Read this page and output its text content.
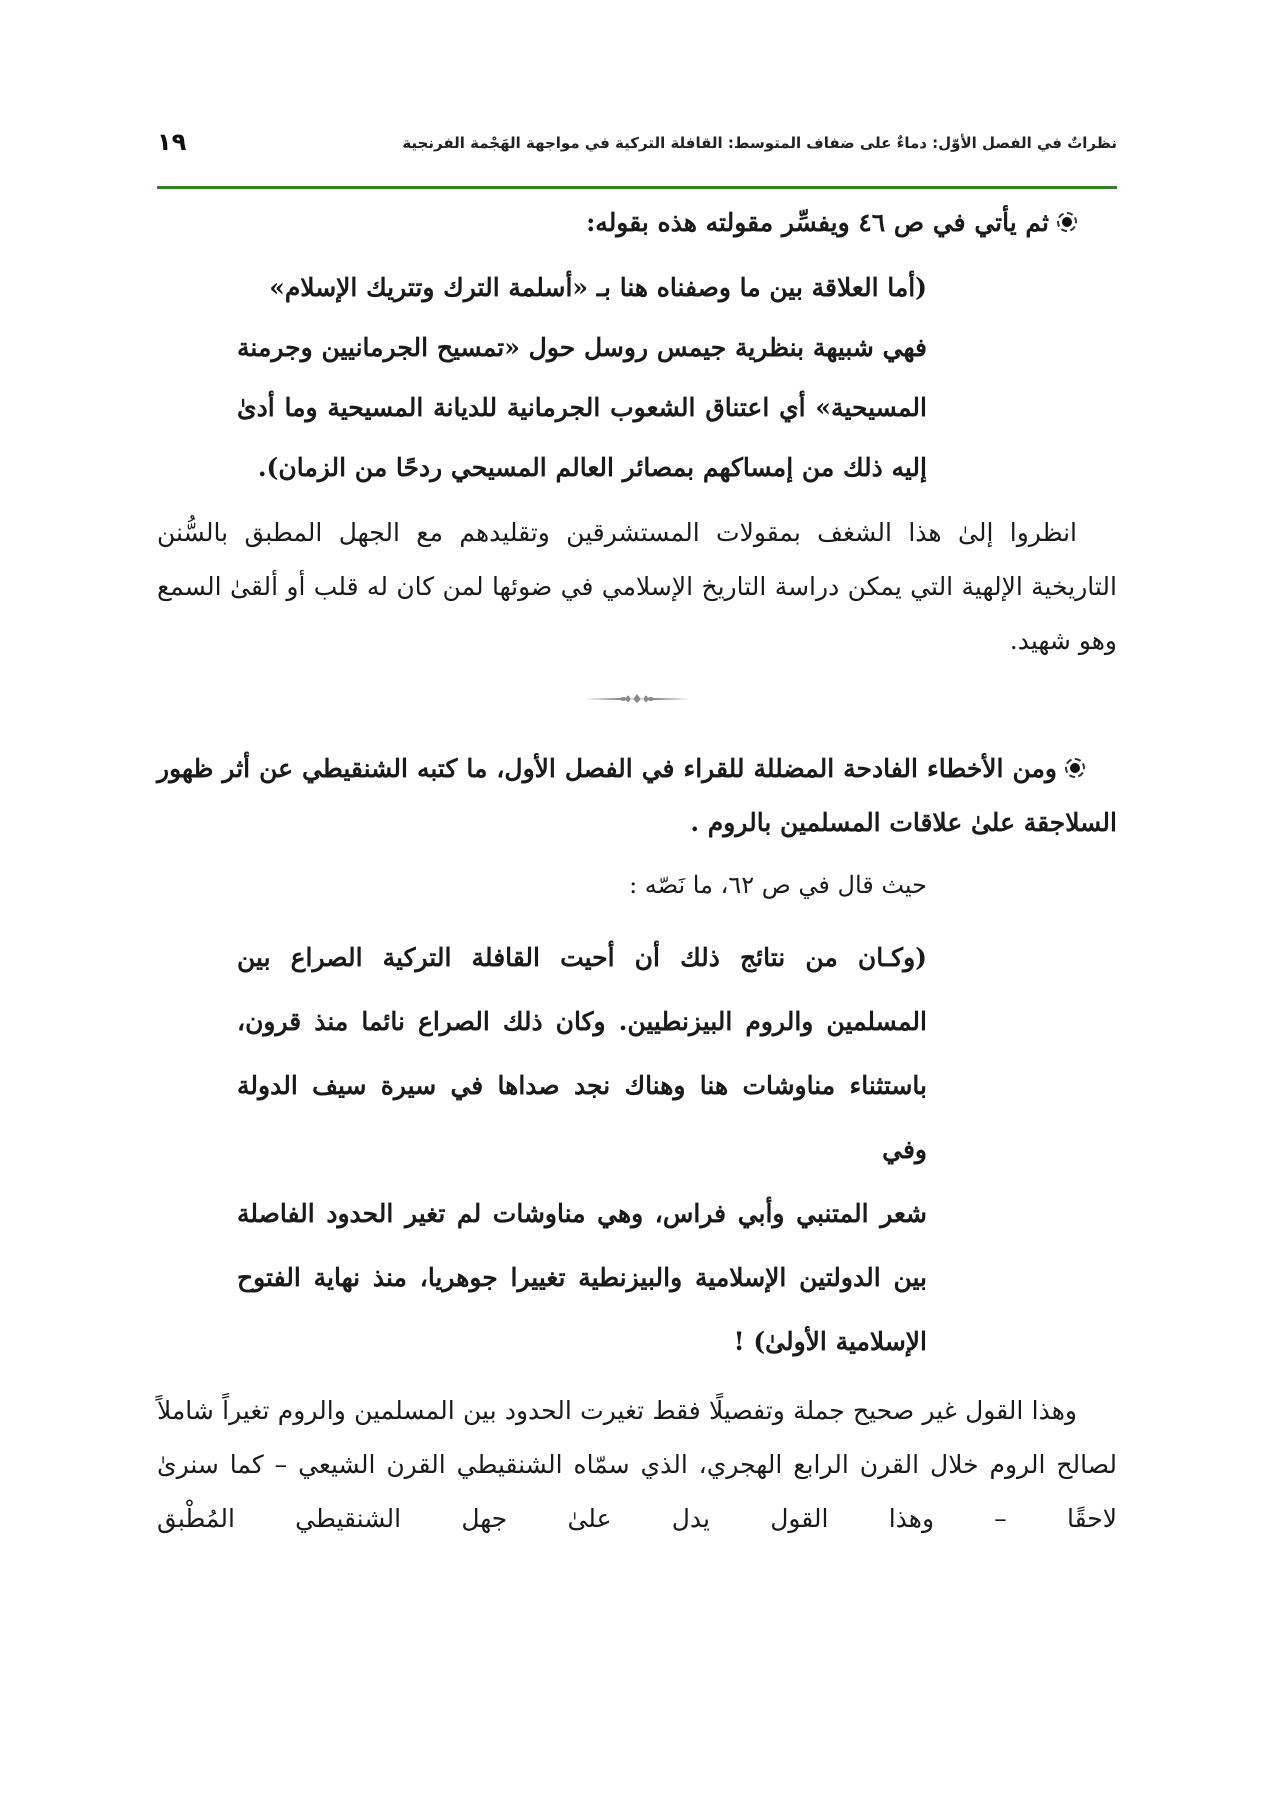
نظراتٌ في الفصل الأوّل: دماءٌ على ضفاف المتوسط: القافلة التركية في مواجهة الهَجْمة الفرنجية
١٩

ثم يأتي في ص ٤٦ ويفسِّر مقولته هذه بقوله:

(أما العلاقة بين ما وصفناه هنا بـ «أسلمة الترك وتتريك الإسلام»
فهي شبيهة بنظرية جيمس روسل حول «تمسيح الجرمانيين وجرمنة
المسيحية» أي اعتناق الشعوب الجرمانية للديانة المسيحية وما أدىٰ
إليه ذلك من إمساكهم بمصائر العالم المسيحي ردحًا من الزمان).

انظروا إلىٰ هذا الشغف بمقولات المستشرقين وتقليدهم مع الجهل المطبق بالسُّنن التاريخية الإلهية التي يمكن دراسة التاريخ الإسلامي في ضوئها لمن كان له قلب أو ألقىٰ السمع وهو شهيد.

ومن الأخطاء الفادحة المضللة للقراء في الفصل الأول، ما كتبه الشنقيطي عن أثر ظهور السلاجقة علىٰ علاقات المسلمين بالروم .

حيث قال في ص ٦٢، ما نَصّه :

(وكـان من نتائج ذلك أن أحيت القافلة التركية الصراع بين
المسلمين والروم البيزنطيين. وكان ذلك الصراع نائما منذ قرون،
باستثناء مناوشات هنا وهناك نجد صداها في سيرة سيف الدولة وفي
شعر المتنبي وأبي فراس، وهي مناوشات لم تغير الحدود الفاصلة
بين الدولتين الإسلامية والبيزنطية تغييرا جوهريا، منذ نهاية الفتوح
الإسلامية الأولىٰ) !

وهذا القول غير صحيح جملة وتفصيلًا فقط تغيرت الحدود بين المسلمين والروم تغيراً شاملاً لصالح الروم خلال القرن الرابع الهجري، الذي سمّاه الشنقيطي القرن الشيعي – كما سنرىٰ لاحقًا – وهذا القول يدل علىٰ جهل الشنقيطي المُطْبق
